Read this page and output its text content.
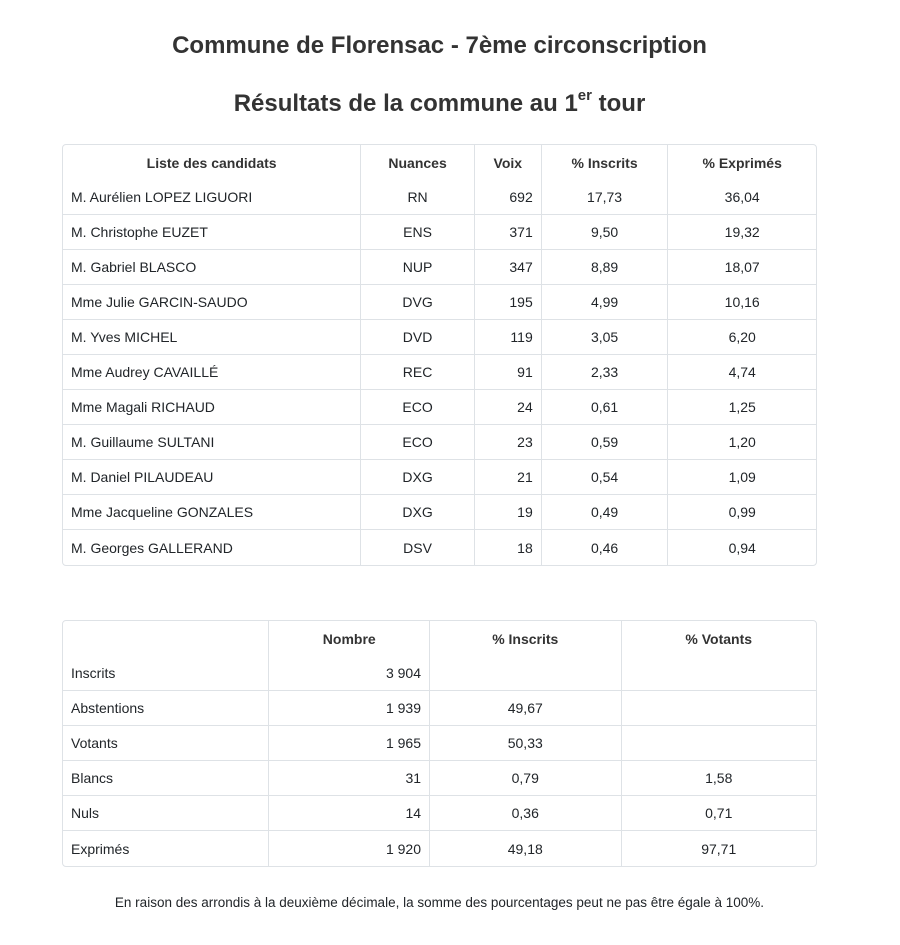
Commune de Florensac - 7ème circonscription
Résultats de la commune au 1er tour
Liste des candidats	Nuances	Voix	% Inscrits	% Exprimés
M. Aurélien LOPEZ LIGUORI	RN	692	17,73	36,04
M. Christophe EUZET	ENS	371	9,50	19,32
M. Gabriel BLASCO	NUP	347	8,89	18,07
Mme Julie GARCIN-SAUDO	DVG	195	4,99	10,16
M. Yves MICHEL	DVD	119	3,05	6,20
Mme Audrey CAVAILLÉ	REC	91	2,33	4,74
Mme Magali RICHAUD	ECO	24	0,61	1,25
M. Guillaume SULTANI	ECO	23	0,59	1,20
M. Daniel PILAUDEAU	DXG	21	0,54	1,09
Mme Jacqueline GONZALES	DXG	19	0,49	0,99
M. Georges GALLERAND	DSV	18	0,46	0,94
	Nombre	% Inscrits	% Votants
Inscrits	3 904		
Abstentions	1 939	49,67	
Votants	1 965	50,33	
Blancs	31	0,79	1,58
Nuls	14	0,36	0,71
Exprimés	1 920	49,18	97,71
En raison des arrondis à la deuxième décimale, la somme des pourcentages peut ne pas être égale à 100%.
